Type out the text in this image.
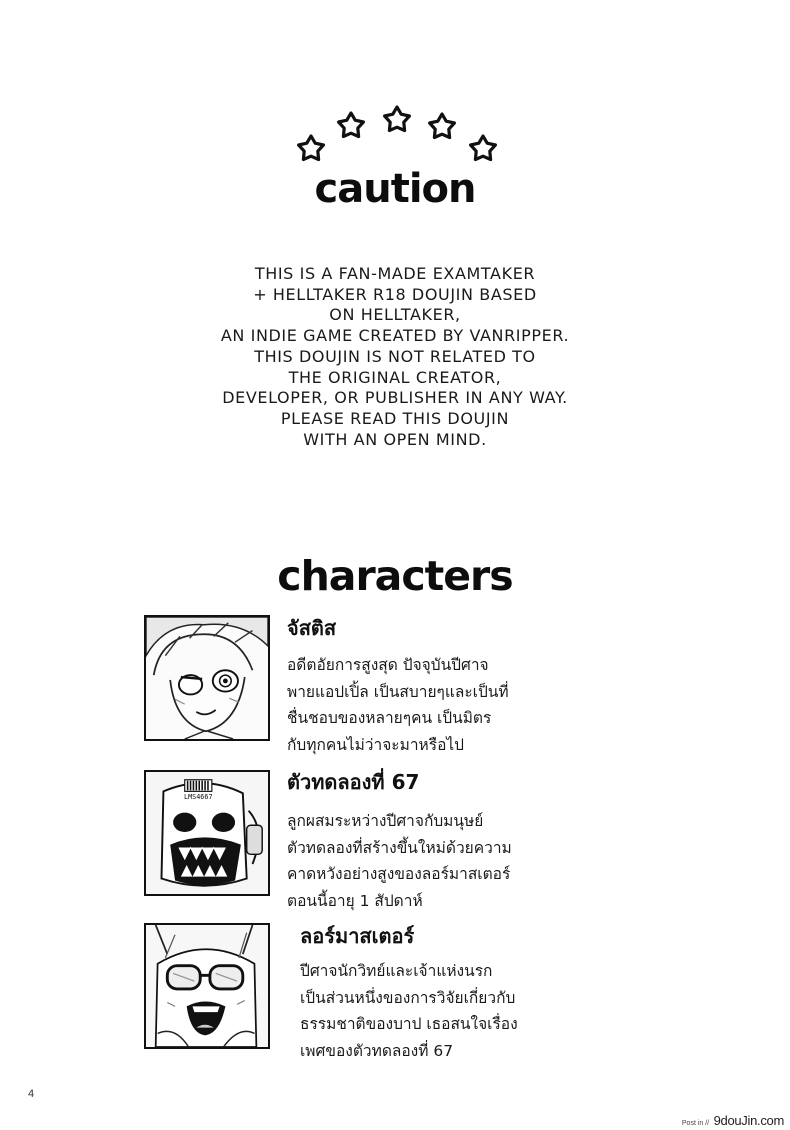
caution
THIS IS A FAN-MADE EXAMTAKER
+ HELLTAKER R18 DOUJIN BASED
ON HELLTAKER,
AN INDIE GAME CREATED BY VANRIPPER.
THIS DOUJIN IS NOT RELATED TO
THE ORIGINAL CREATOR,
DEVELOPER, OR PUBLISHER IN ANY WAY.
PLEASE READ THIS DOUJIN
WITH AN OPEN MIND.
characters
จัสติส
อดีตอัยการสูงสุด ปัจจุบันปีศาจ
พายแอปเปิ้ล เป็นสบายๆและเป็นที่
ชื่นชอบของหลายๆคน เป็นมิตร
กับทุกคนไม่ว่าจะมาหรือไป
LMS4667
ตัวทดลองที่ 67
ลูกผสมระหว่างปีศาจกับมนุษย์
ตัวทดลองที่สร้างขึ้นใหม่ด้วยความ
คาดหวังอย่างสูงของลอร์มาสเตอร์
ตอนนี้อายุ 1 สัปดาห์
ลอร์มาสเตอร์
ปีศาจนักวิทย์และเจ้าแห่งนรก
เป็นส่วนหนึ่งของการวิจัยเกี่ยวกับ
ธรรมชาติของบาป เธอสนใจเรื่อง
เพศของตัวทดลองที่ 67
4
Post in // 9douJin.com
